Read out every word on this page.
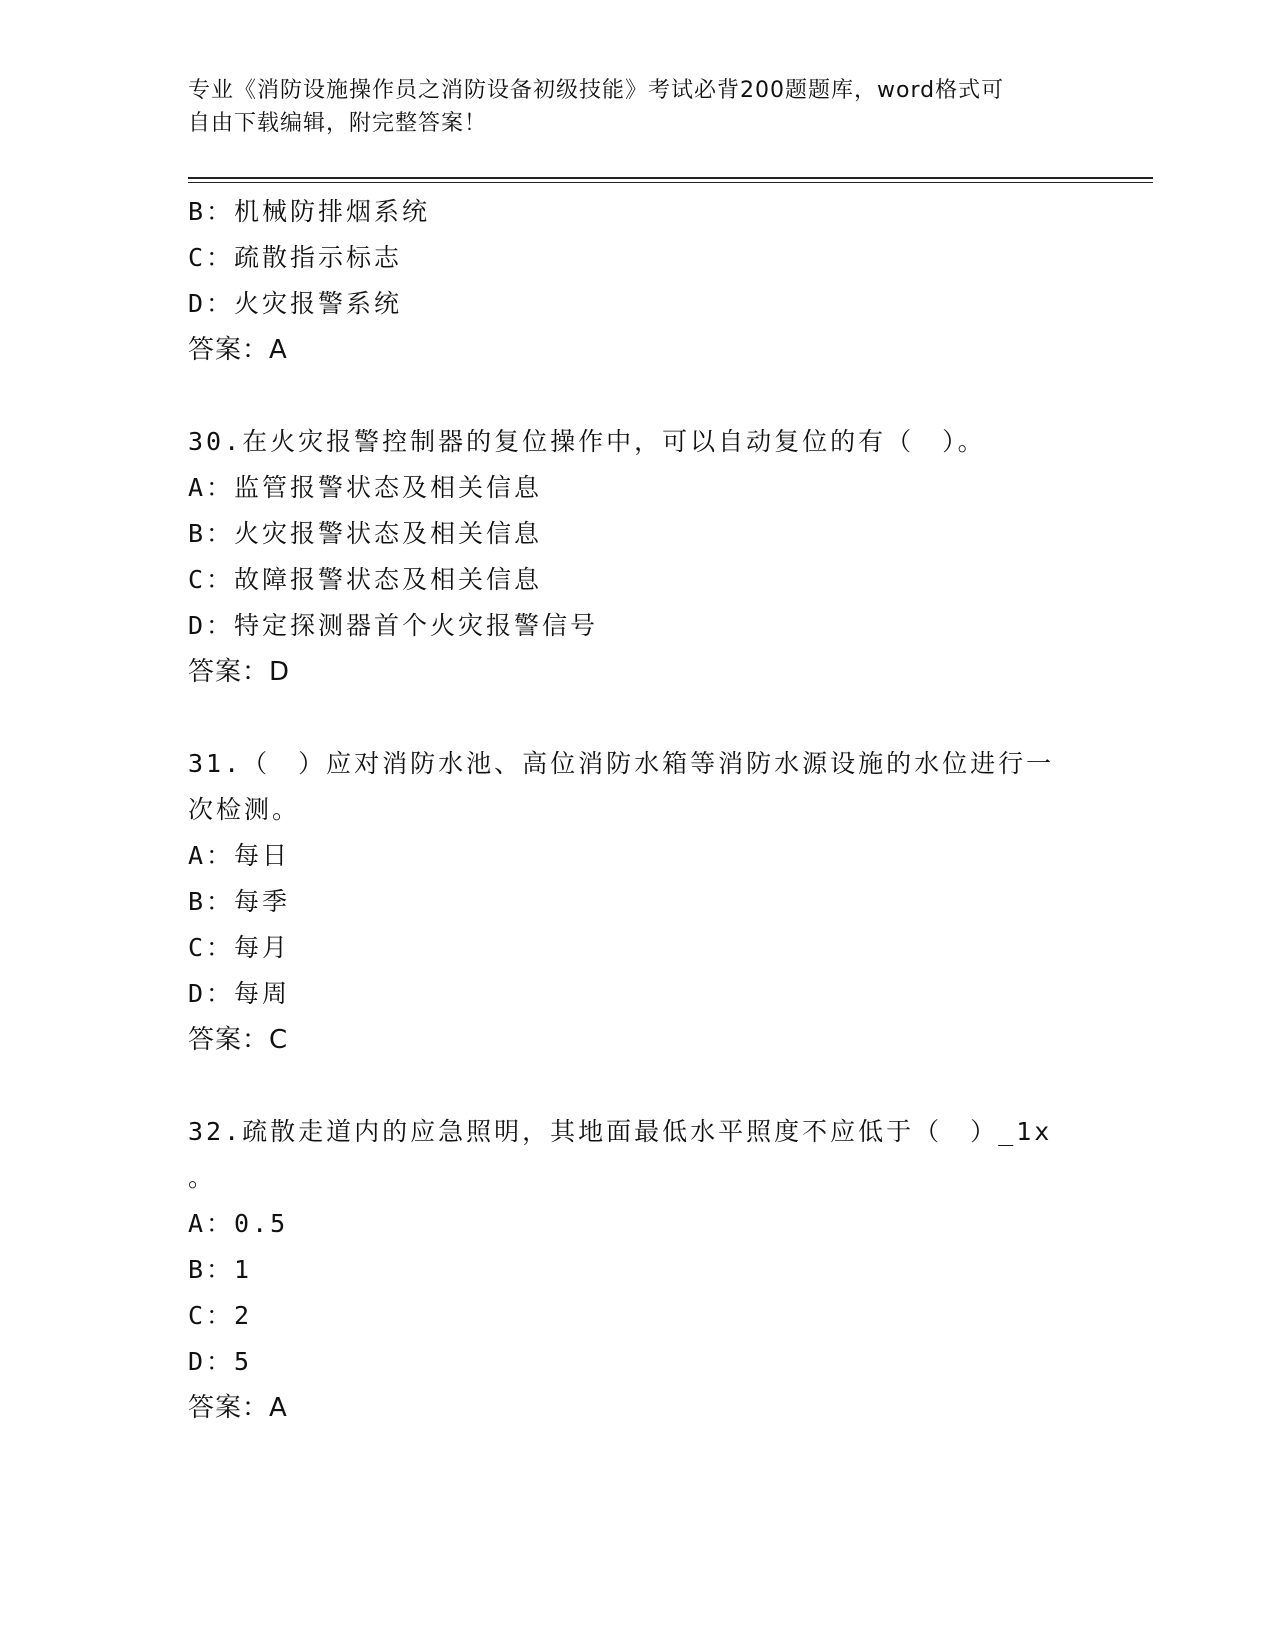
专业《消防设施操作员之消防设备初级技能》考试必背200题题库，word格式可
自由下载编辑，附完整答案！
B：机械防排烟系统
C：疏散指示标志
D：火灾报警系统
答案：A
30.在火灾报警控制器的复位操作中，可以自动复位的有（　）。
A：监管报警状态及相关信息
B：火灾报警状态及相关信息
C：故障报警状态及相关信息
D：特定探测器首个火灾报警信号
答案：D
31.（　）应对消防水池、高位消防水箱等消防水源设施的水位进行一
次检测。
A：每日
B：每季
C：每月
D：每周
答案：C
32.疏散走道内的应急照明，其地面最低水平照度不应低于（　）_1x
。
A：0.5
B：1
C：2
D：5
答案：A
